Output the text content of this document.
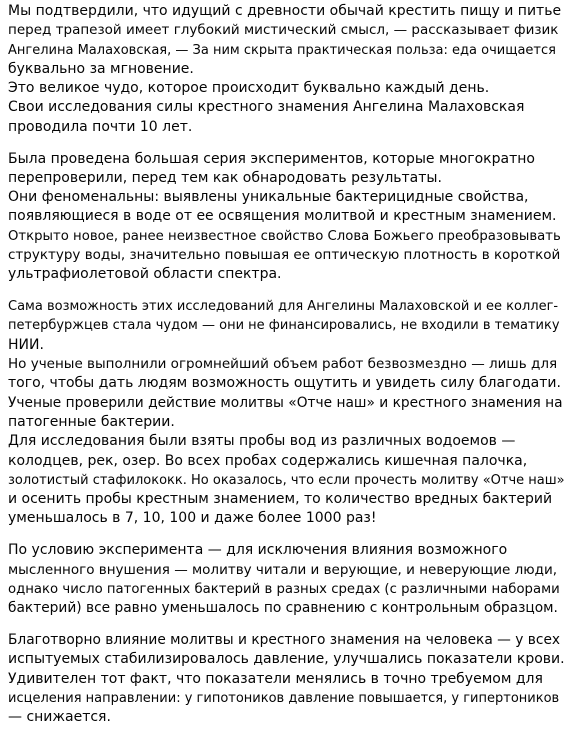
Мы подтвердили, что идущий с древности обычай крестить пищу и питье
перед трапезой имеет глубокий мистический смысл, — рассказывает физик
Ангелина Малаховская, — За ним скрыта практическая польза: еда очищается
буквально за мгновение.
Это великое чудо, которое происходит буквально каждый день.
Свои исследования силы крестного знамения Ангелина Малаховская
проводила почти 10 лет.
Была проведена большая серия экспериментов, которые многократно
перепроверили, перед тем как обнародовать результаты.
Они феноменальны: выявлены уникальные бактерицидные свойства,
появляющиеся в воде от ее освящения молитвой и крестным знамением.
Открыто новое, ранее неизвестное свойство Слова Божьего преобразовывать
структуру воды, значительно повышая ее оптическую плотность в короткой
ультрафиолетовой области спектра.
Сама возможность этих исследований для Ангелины Малаховской и ее коллег-
петербуржцев стала чудом — они не финансировались, не входили в тематику
НИИ.
Но ученые выполнили огромнейший объем работ безвозмездно — лишь для
того, чтобы дать людям возможность ощутить и увидеть силу благодати.
Ученые проверили действие молитвы «Отче наш» и крестного знамения на
патогенные бактерии.
Для исследования были взяты пробы вод из различных водоемов —
колодцев, рек, озер. Во всех пробах содержались кишечная палочка,
золотистый стафилококк. Но оказалось, что если прочесть молитву «Отче наш»
и осенить пробы крестным знамением, то количество вредных бактерий
уменьшалось в 7, 10, 100 и даже более 1000 раз!
По условию эксперимента — для исключения влияния возможного
мысленного внушения — молитву читали и верующие, и неверующие люди,
однако число патогенных бактерий в разных средах (с различными наборами
бактерий) все равно уменьшалось по сравнению с контрольным образцом.
Благотворно влияние молитвы и крестного знамения на человека — у всех
испытуемых стабилизировалось давление, улучшались показатели крови.
Удивителен тот факт, что показатели менялись в точно требуемом для
исцеления направлении: у гипотоников давление повышается, у гипертоников
— снижается.
